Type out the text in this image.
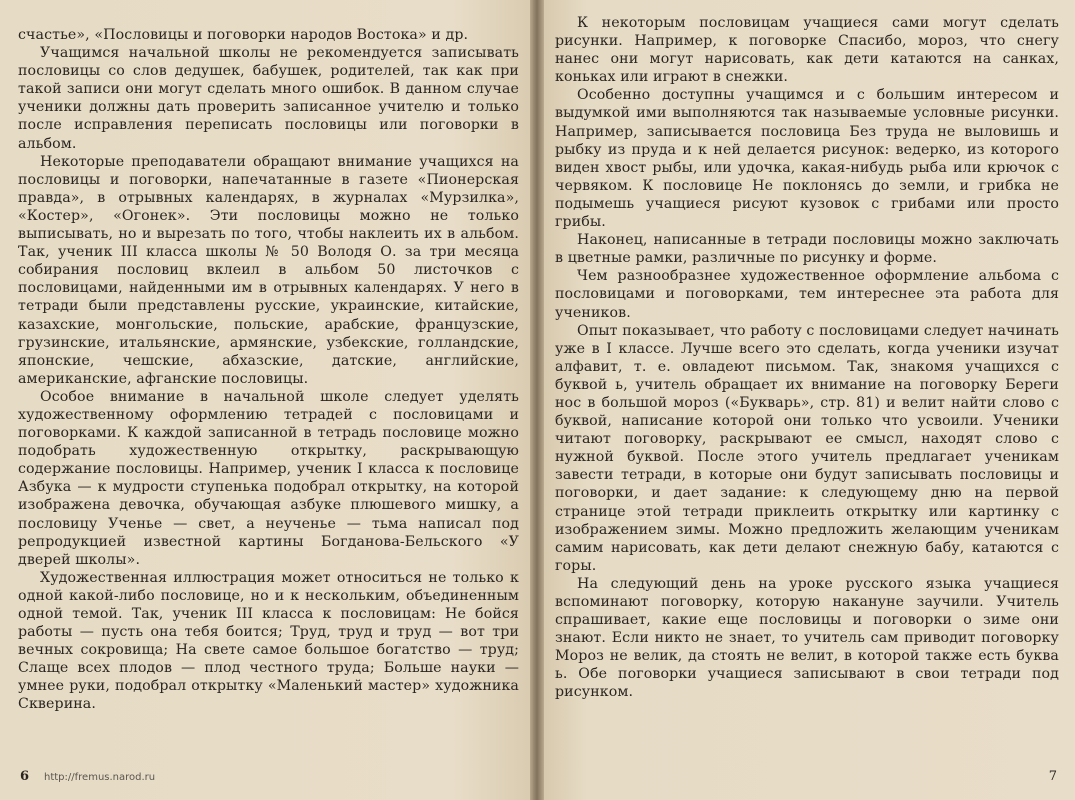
счастье», «Пословицы и поговорки народов Востока» и др.

Учащимся начальной школы не рекомендуется записывать пословицы со слов дедушек, бабушек, родителей, так как при такой записи они могут сделать много ошибок. В данном случае ученики должны дать проверить записанное учителю и только после исправления переписать пословицы или поговорки в альбом.

Некоторые преподаватели обращают внимание учащихся на пословицы и поговорки, напечатанные в газете «Пионерская правда», в отрывных календарях, в журналах «Мурзилка», «Костер», «Огонек». Эти пословицы можно не только выписывать, но и вырезать по того, чтобы наклеить их в альбом. Так, ученик III класса школы № 50 Володя О. за три месяца собирания пословиц вклеил в альбом 50 листочков с пословицами, найденными им в отрывных календарях. У него в тетради были представлены русские, украинские, китайские, казахские, монгольские, польские, арабские, французские, грузинские, итальянские, армянские, узбекские, голландские, японские, чешские, абхазские, датские, английские, американские, афганские пословицы.

Особое внимание в начальной школе следует уделять художественному оформлению тетрадей с пословицами и поговорками. К каждой записанной в тетрадь пословице можно подобрать художественную открытку, раскрывающую содержание пословицы. Например, ученик I класса к пословице Азбука — к мудрости ступенька подобрал открытку, на которой изображена девочка, обучающая азбуке плюшевого мишку, а пословицу Ученье — свет, а неученье — тьма написал под репродукцией известной картины Богданова-Бельского «У дверей школы».

Художественная иллюстрация может относиться не только к одной какой-либо пословице, но и к нескольким, объединенным одной темой. Так, ученик III класса к пословицам: Не бойся работы — пусть она тебя боится; Труд, труд и труд — вот три вечных сокровища; На свете самое большое богатство — труд; Слаще всех плодов — плод честного труда; Больше науки — умнее руки, подобрал открытку «Маленький мастер» художника Скверина.

6 http://fremus.narod.ru

К некоторым пословицам учащиеся сами могут сделать рисунки. Например, к поговорке Спасибо, мороз, что снегу нанес они могут нарисовать, как дети катаются на санках, коньках или играют в снежки.

Особенно доступны учащимся и с большим интересом и выдумкой ими выполняются так называемые условные рисунки. Например, записывается пословица Без труда не выловишь и рыбку из пруда и к ней делается рисунок: ведерко, из которого виден хвост рыбы, или удочка, какая-нибудь рыба или крючок с червяком. К пословице Не поклонясь до земли, и грибка не подымешь учащиеся рисуют кузовок с грибами или просто грибы.

Наконец, написанные в тетради пословицы можно заключать в цветные рамки, различные по рисунку и форме.

Чем разнообразнее художественное оформление альбома с пословицами и поговорками, тем интереснее эта работа для учеников.

Опыт показывает, что работу с пословицами следует начинать уже в I классе. Лучше всего это сделать, когда ученики изучат алфавит, т. е. овладеют письмом. Так, знакомя учащихся с буквой ь, учитель обращает их внимание на поговорку Береги нос в большой мороз («Букварь», стр. 81) и велит найти слово с буквой, написание которой они только что усвоили. Ученики читают поговорку, раскрывают ее смысл, находят слово с нужной буквой. После этого учитель предлагает ученикам завести тетради, в которые они будут записывать пословицы и поговорки, и дает задание: к следующему дню на первой странице этой тетради приклеить открытку или картинку с изображением зимы. Можно предложить желающим ученикам самим нарисовать, как дети делают снежную бабу, катаются с горы.

На следующий день на уроке русского языка учащиеся вспоминают поговорку, которую накануне заучили. Учитель спрашивает, какие еще пословицы и поговорки о зиме они знают. Если никто не знает, то учитель сам приводит поговорку Мороз не велик, да стоять не велит, в которой также есть буква ь. Обе поговорки учащиеся записывают в свои тетради под рисунком.

7
